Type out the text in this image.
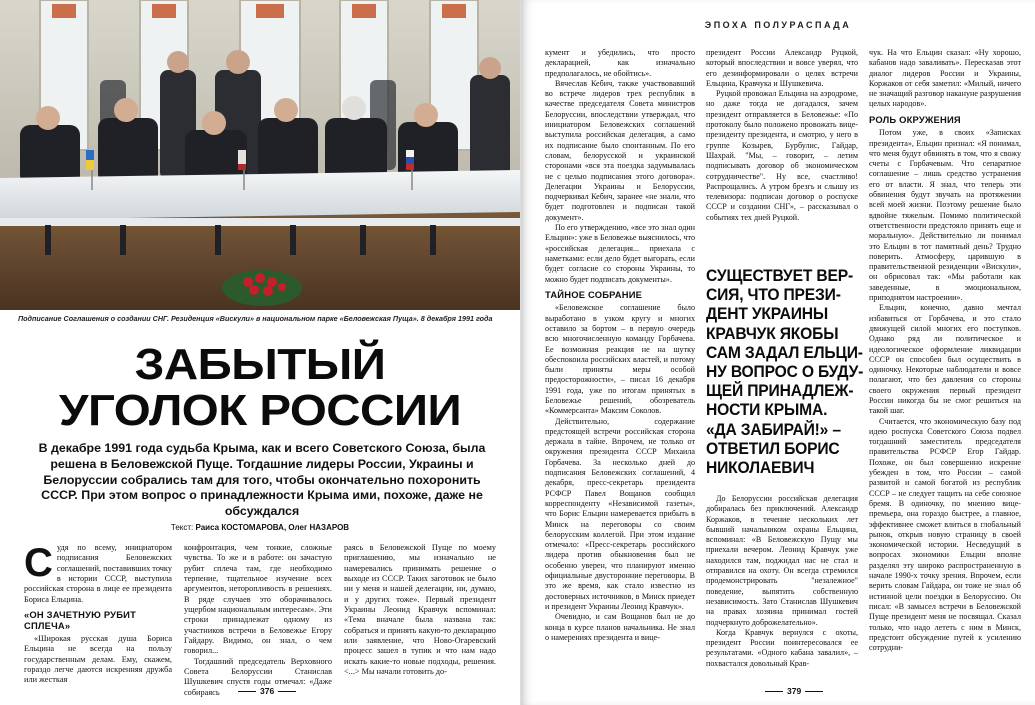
Подписание Соглашения о создании СНГ. Резиденция «Вискули» в национальном парке «Беловежская Пуща». 8 декабря 1991 года
ЗАБЫТЫЙ
УГОЛОК РОССИИ
В декабре 1991 года судьба Крыма, как и всего Советского Союза, была решена в Беловежской Пуще. Тогдашние лидеры России, Украины и Белоруссии собрались там для того, чтобы окончательно похоронить СССР. При этом вопрос о принадлежности Крыма ими, похоже, даже не обсуждался
Текст: Раиса КОСТОМАРОВА, Олег НАЗАРОВ
С удя по всему, инициатором подписания Беловежских соглашений, поставивших точку в истории СССР, выступила российская сторона в лице ее президента Бориса Ельцина.

«ОН ЗАЧЕТНУЮ РУБИТ СПЛЕЧА»

«Широкая русская душа Бориса Ельцина не всегда на пользу государственным делам. Ему, скажем, гораздо легче даются искренняя дружба или жесткая

конфронтация, чем тонкие, сложные чувства. То же и в работе: он зачастую рубит сплеча там, где необходимо терпение, тщательное изучение всех аргументов, неторопливость в решениях. В ряде случаев это оборачивалось ущербом национальным интересам». Эти строки принадлежат одному из участников встречи в Беловежье Егору Гайдару. Видимо, он знал, о чем говорил...

Тогдашний председатель Верховного Совета Белоруссии Станислав Шушкевич спустя годы отмечал: «Даже собираясь

раясь в Беловежской Пуще по моему приглашению, мы изначально не намеревались принимать решение о выходе из СССР. Таких заготовок не было ни у меня и нашей делегации, ни, думаю, и у других тоже». Первый президент Украины Леонид Кравчук вспоминал: «Тема вначале была названа так: собраться и принять какую-то декларацию или заявление, что Ново-Огаревский процесс зашел в тупик и что нам надо искать какие-то новые подходы, решения. <...> Мы начали готовить до-

376
ЭПОХА ПОЛУРАСПАДА

кумент и убедились, что просто декларацией, как изначально предполагалось, не обойтись».

Вячеслав Кебич, также участвовавший во встрече лидеров трех республик в качестве председателя Совета министров Белоруссии, впоследствии утверждал, что инициатором Беловежских соглашений выступила российская делегация, а само их подписание было спонтанным. По его словам, белорусской и украинской сторонами «вся эта поездка задумывалась не с целью подписания этого договора». Делегации Украины и Белоруссии, подчеркивал Кебич, заранее «не знали, что будет подготовлен и подписан такой документ».

По его утверждению, «все это знал один Ельцин»: уже в Беловежье выяснилось, что «российская делегация... приехала с наметками: если дело будет выгорать, если будет согласие со стороны Украины, то можно будет подписать документы».

ТАЙНОЕ СОБРАНИЕ

«Беловежское соглашение было выработано в узком кругу и многих оставило за бортом – в первую очередь всю многочисленную команду Горбачева. Ее возможная реакция не на шутку обеспокоила российских властей, и потому были приняты меры особой предосторожности», – писал 16 декабря 1991 года, уже по итогам принятых в Беловежье решений, обозреватель «Коммерсанта» Максим Соколов.

Действительно, содержание предстоящей встречи российская сторона держала в тайне. Впрочем, не только от окружения президента СССР Михаила Горбачева. За несколько дней до подписания Беловежских соглашений, 4 декабря, пресс-секретарь президента РСФСР Павел Вощанов сообщил корреспонденту «Независимой газеты», что Борис Ельцин намеревается прибыть в Минск на переговоры со своим белорусским коллегой. При этом издание отмечало: «Пресс-секретарь российского лидера против обыкновения был не особенно уверен, что планируют именно официальные двусторонние переговоры. В это же время, как стало известно из достоверных источников, в Минск приедет и президент Украины Леонид Кравчук».

Очевидно, и сам Вощанов был не до конца в курсе планов начальника. Не знал о намерениях президента и вице-

президент России Александр Руцкой, который впоследствии и вовсе уверял, что его дезинформировали о целях встречи Ельцина, Кравчука и Шушкевича.

Руцкой провожал Ельцина на аэродроме, но даже тогда не догадался, зачем президент отправляется в Беловежье: «По протоколу было положено провожать вице-президенту президента, и смотрю, у него в группе Козырев, Бурбулис, Гайдар, Шахрай. "Мы, – говорит, – летим подписывать договор об экономическом сотрудничестве". Ну все, счастливо! Распрощались. А утром брезгь и слышу из телевизора: подписан договор о роспуске СССР и создании СНГ», – рассказывал о событиях тех дней Руцкой.

СУЩЕСТВУЕТ ВЕР-
СИЯ, ЧТО ПРЕЗИ-
ДЕНТ УКРАИНЫ
КРАВЧУК ЯКОБЫ
САМ ЗАДАЛ ЕЛЬЦИ-
НУ ВОПРОС О БУДУ-
ЩЕЙ ПРИНАДЛЕЖ-
НОСТИ КРЫМА.
«ДА ЗАБИРАЙ!» –
ОТВЕТИЛ БОРИС
НИКОЛАЕВИЧ

До Белоруссии российская делегация добиралась без приключений. Александр Коржаков, в течение нескольких лет бывший начальником охраны Ельцина, вспоминал: «В Беловежскую Пущу мы приехали вечером. Леонид Кравчук уже находился там, поджидал нас не стал и отправился на охоту. Он всегда стремился продемонстрировать "незалежное" поведение, выпятить собственную независимость. Зато Станислав Шушкевич на правах хозяина принимал гостей подчеркнуто доброжелательно».

Когда Кравчук вернулся с охоты, президент России поинтересовался ее результатами. «Одного кабана завалил», – похвастался довольный Крав-

чук. На что Ельцин сказал: «Ну хорошо, кабанов надо заваливать». Пересказав этот диалог лидеров России и Украины, Коржаков от себя заметил: «Милый, ничего не значащий разговор накануне разрушения целых народов».

РОЛЬ ОКРУЖЕНИЯ

Потом уже, в своих «Записках президента», Ельцин признал: «Я понимал, что меня будут обвинять в том, что я свожу счеты с Горбачевым. Что сепаратное соглашение – лишь средство устранения его от власти. Я знал, что теперь эти обвинения будут звучать на протяжении всей моей жизни. Поэтому решение было вдвойне тяжелым. Помимо политической ответственности предстояло принять еще и моральную». Действительно ли понимал это Ельцин в тот памятный день? Трудно поверить. Атмосферу, царившую в правительственной резиденции «Вискули», он обрисовал так: «Мы работали как заведенные, в эмоциональном, приподнятом настроении».

Ельцин, конечно, давно мечтал избавиться от Горбачева, и это стало движущей силой многих его поступков. Однако ряд ли политическое и идеологическое оформление ликвидации СССР он способен был осуществить в одиночку. Некоторые наблюдатели и вовсе полагают, что без давления со стороны своего окружения первый президент России никогда бы не смог решиться на такой шаг.

Считается, что экономическую базу под идею роспуска Советского Союза подвел тогдашний заместитель председателя правительства РСФСР Егор Гайдар. Похоже, он был совершенно искренне убежден в том, что России – самой развитой и самой богатой из республик СССР – не следует тащить на себе союзное бремя. В одиночку, по мнению вице-премьера, она гораздо быстрее, а главное, эффективнее сможет влиться в глобальный рынок, открыв новую страницу в своей экономической истории. Несведущий в вопросах экономики Ельцин вполне разделял эту широко распространенную в начале 1990-х точку зрения. Впрочем, если верить словам Гайдара, он тоже не знал об истинной цели поездки в Белоруссию. Он писал: «В замысел встречи в Беловежской Пуще президент меня не посвящал. Сказал только, что надо лететь с ним в Минск, предстоит обсуждение путей к усилению сотрудни-

379
